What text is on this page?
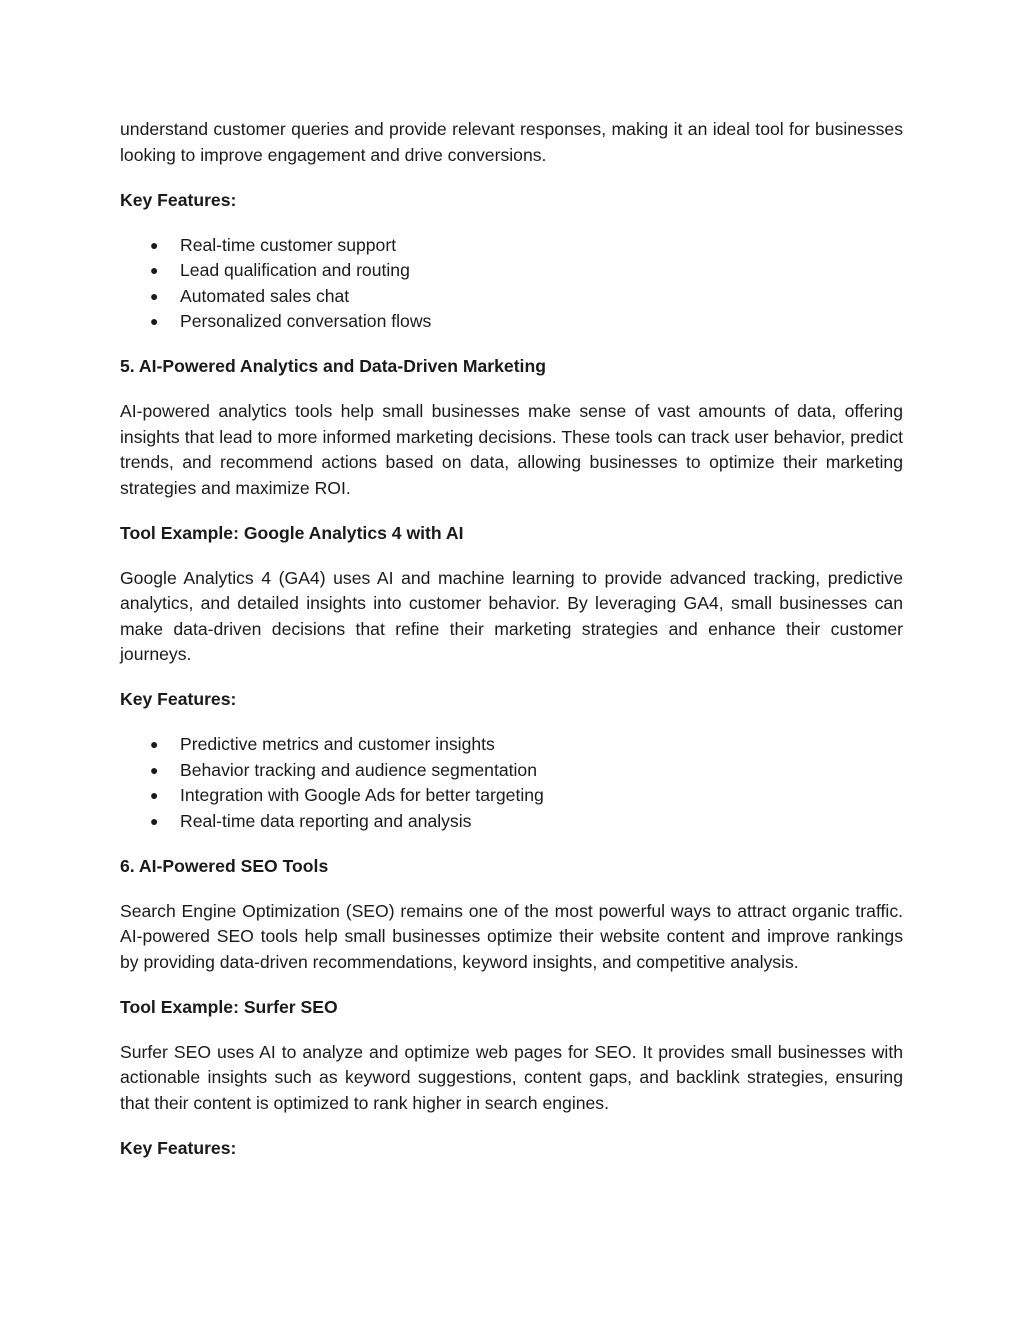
understand customer queries and provide relevant responses, making it an ideal tool for businesses looking to improve engagement and drive conversions.

Key Features:
● Real-time customer support
● Lead qualification and routing
● Automated sales chat
● Personalized conversation flows
5. AI-Powered Analytics and Data-Driven Marketing

AI-powered analytics tools help small businesses make sense of vast amounts of data, offering insights that lead to more informed marketing decisions. These tools can track user behavior, predict trends, and recommend actions based on data, allowing businesses to optimize their marketing strategies and maximize ROI.

Tool Example: Google Analytics 4 with AI

Google Analytics 4 (GA4) uses AI and machine learning to provide advanced tracking, predictive analytics, and detailed insights into customer behavior. By leveraging GA4, small businesses can make data-driven decisions that refine their marketing strategies and enhance their customer journeys.

Key Features:
● Predictive metrics and customer insights
● Behavior tracking and audience segmentation
● Integration with Google Ads for better targeting
● Real-time data reporting and analysis
6. AI-Powered SEO Tools

Search Engine Optimization (SEO) remains one of the most powerful ways to attract organic traffic. AI-powered SEO tools help small businesses optimize their website content and improve rankings by providing data-driven recommendations, keyword insights, and competitive analysis.

Tool Example: Surfer SEO

Surfer SEO uses AI to analyze and optimize web pages for SEO. It provides small businesses with actionable insights such as keyword suggestions, content gaps, and backlink strategies, ensuring that their content is optimized to rank higher in search engines.

Key Features:
